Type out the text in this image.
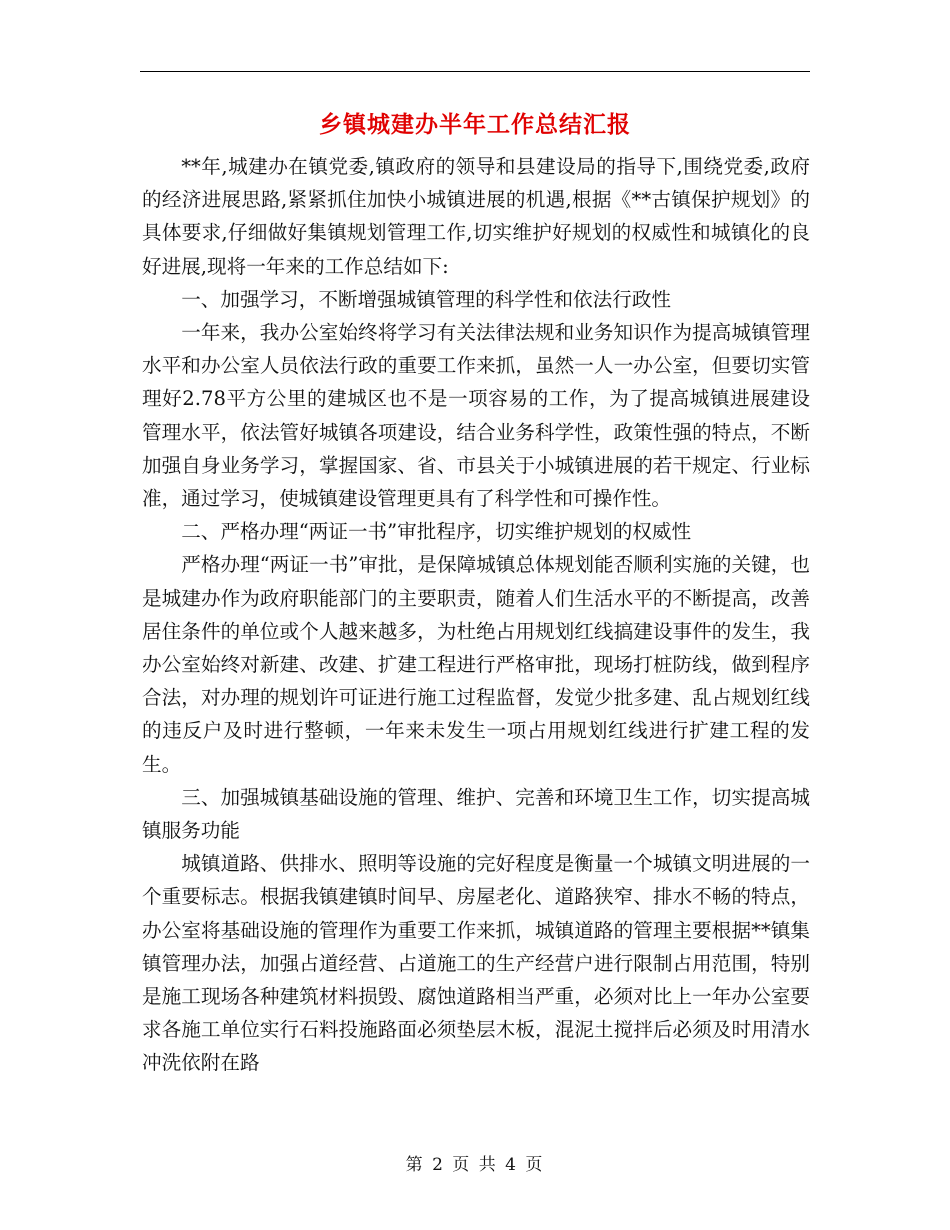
乡镇城建办半年工作总结汇报

**年,城建办在镇党委,镇政府的领导和县建设局的指导下,围绕党委,政府的经济进展思路,紧紧抓住加快小城镇进展的机遇,根据《**古镇保护规划》的具体要求,仔细做好集镇规划管理工作,切实维护好规划的权威性和城镇化的良好进展,现将一年来的工作总结如下:

一、加强学习，不断增强城镇管理的科学性和依法行政性

一年来，我办公室始终将学习有关法律法规和业务知识作为提高城镇管理水平和办公室人员依法行政的重要工作来抓，虽然一人一办公室，但要切实管理好2.78平方公里的建城区也不是一项容易的工作，为了提高城镇进展建设管理水平，依法管好城镇各项建设，结合业务科学性，政策性强的特点，不断加强自身业务学习，掌握国家、省、市县关于小城镇进展的若干规定、行业标准，通过学习，使城镇建设管理更具有了科学性和可操作性。

二、严格办理“两证一书”审批程序，切实维护规划的权威性

严格办理“两证一书”审批，是保障城镇总体规划能否顺利实施的关键，也是城建办作为政府职能部门的主要职责，随着人们生活水平的不断提高，改善居住条件的单位或个人越来越多，为杜绝占用规划红线搞建设事件的发生，我办公室始终对新建、改建、扩建工程进行严格审批，现场打桩防线，做到程序合法，对办理的规划许可证进行施工过程监督，发觉少批多建、乱占规划红线的违反户及时进行整顿，一年来未发生一项占用规划红线进行扩建工程的发生。

三、加强城镇基础设施的管理、维护、完善和环境卫生工作，切实提高城镇服务功能

城镇道路、供排水、照明等设施的完好程度是衡量一个城镇文明进展的一个重要标志。根据我镇建镇时间早、房屋老化、道路狭窄、排水不畅的特点，办公室将基础设施的管理作为重要工作来抓，城镇道路的管理主要根据**镇集镇管理办法，加强占道经营、占道施工的生产经营户进行限制占用范围，特别是施工现场各种建筑材料损毁、腐蚀道路相当严重，必须对比上一年办公室要求各施工单位实行石料投施路面必须垫层木板，混泥土搅拌后必须及时用清水冲洗依附在路

第 2 页 共 4 页
